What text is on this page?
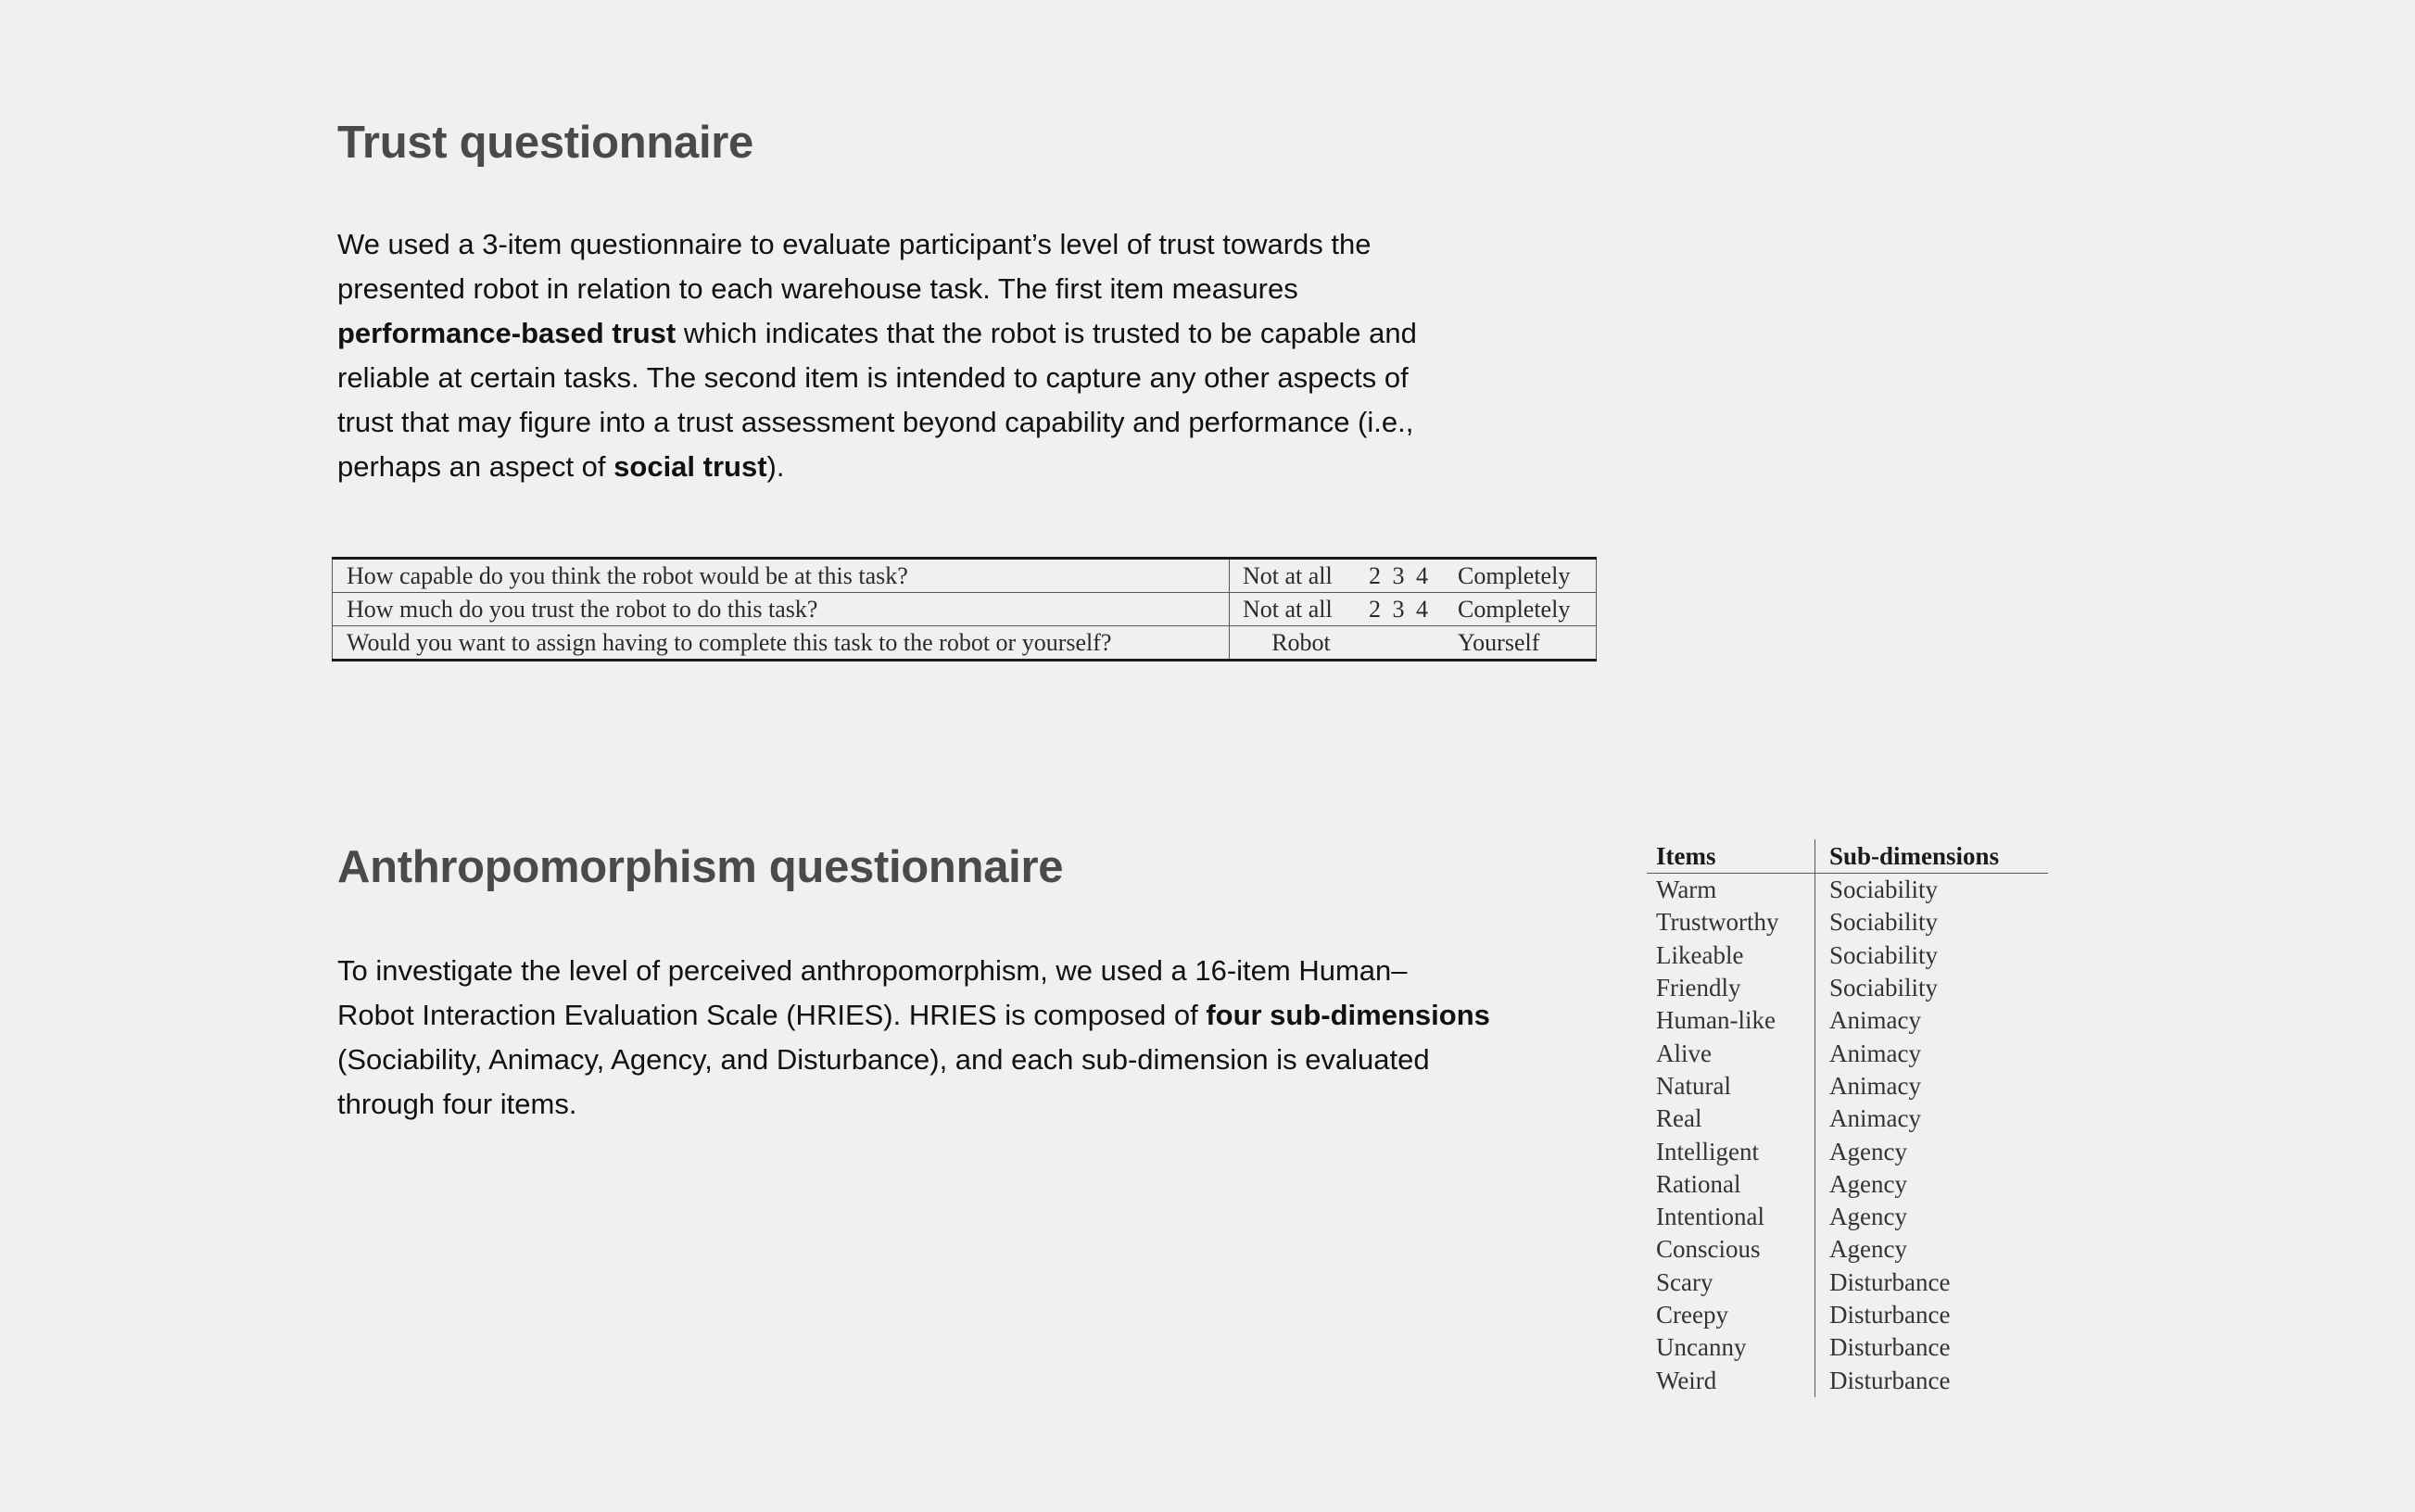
Trust questionnaire

We used a 3-item questionnaire to evaluate participant’s level of trust towards the
presented robot in relation to each warehouse task. The first item measures
performance-based trust which indicates that the robot is trusted to be capable and
reliable at certain tasks. The second item is intended to capture any other aspects of
trust that may figure into a trust assessment beyond capability and performance (i.e.,
perhaps an aspect of social trust).

How capable do you think the robot would be at this task?	Not at all	2 3 4	Completely
How much do you trust the robot to do this task?	Not at all	2 3 4	Completely
Would you want to assign having to complete this task to the robot or yourself?	Robot		Yourself
Anthropomorphism questionnaire

To investigate the level of perceived anthropomorphism, we used a 16-item Human–
Robot Interaction Evaluation Scale (HRIES). HRIES is composed of four sub-dimensions
(Sociability, Animacy, Agency, and Disturbance), and each sub-dimension is evaluated
through four items.

Items	Sub-dimensions
Warm	Sociability
Trustworthy	Sociability
Likeable	Sociability
Friendly	Sociability
Human-like	Animacy
Alive	Animacy
Natural	Animacy
Real	Animacy
Intelligent	Agency
Rational	Agency
Intentional	Agency
Conscious	Agency
Scary	Disturbance
Creepy	Disturbance
Uncanny	Disturbance
Weird	Disturbance
